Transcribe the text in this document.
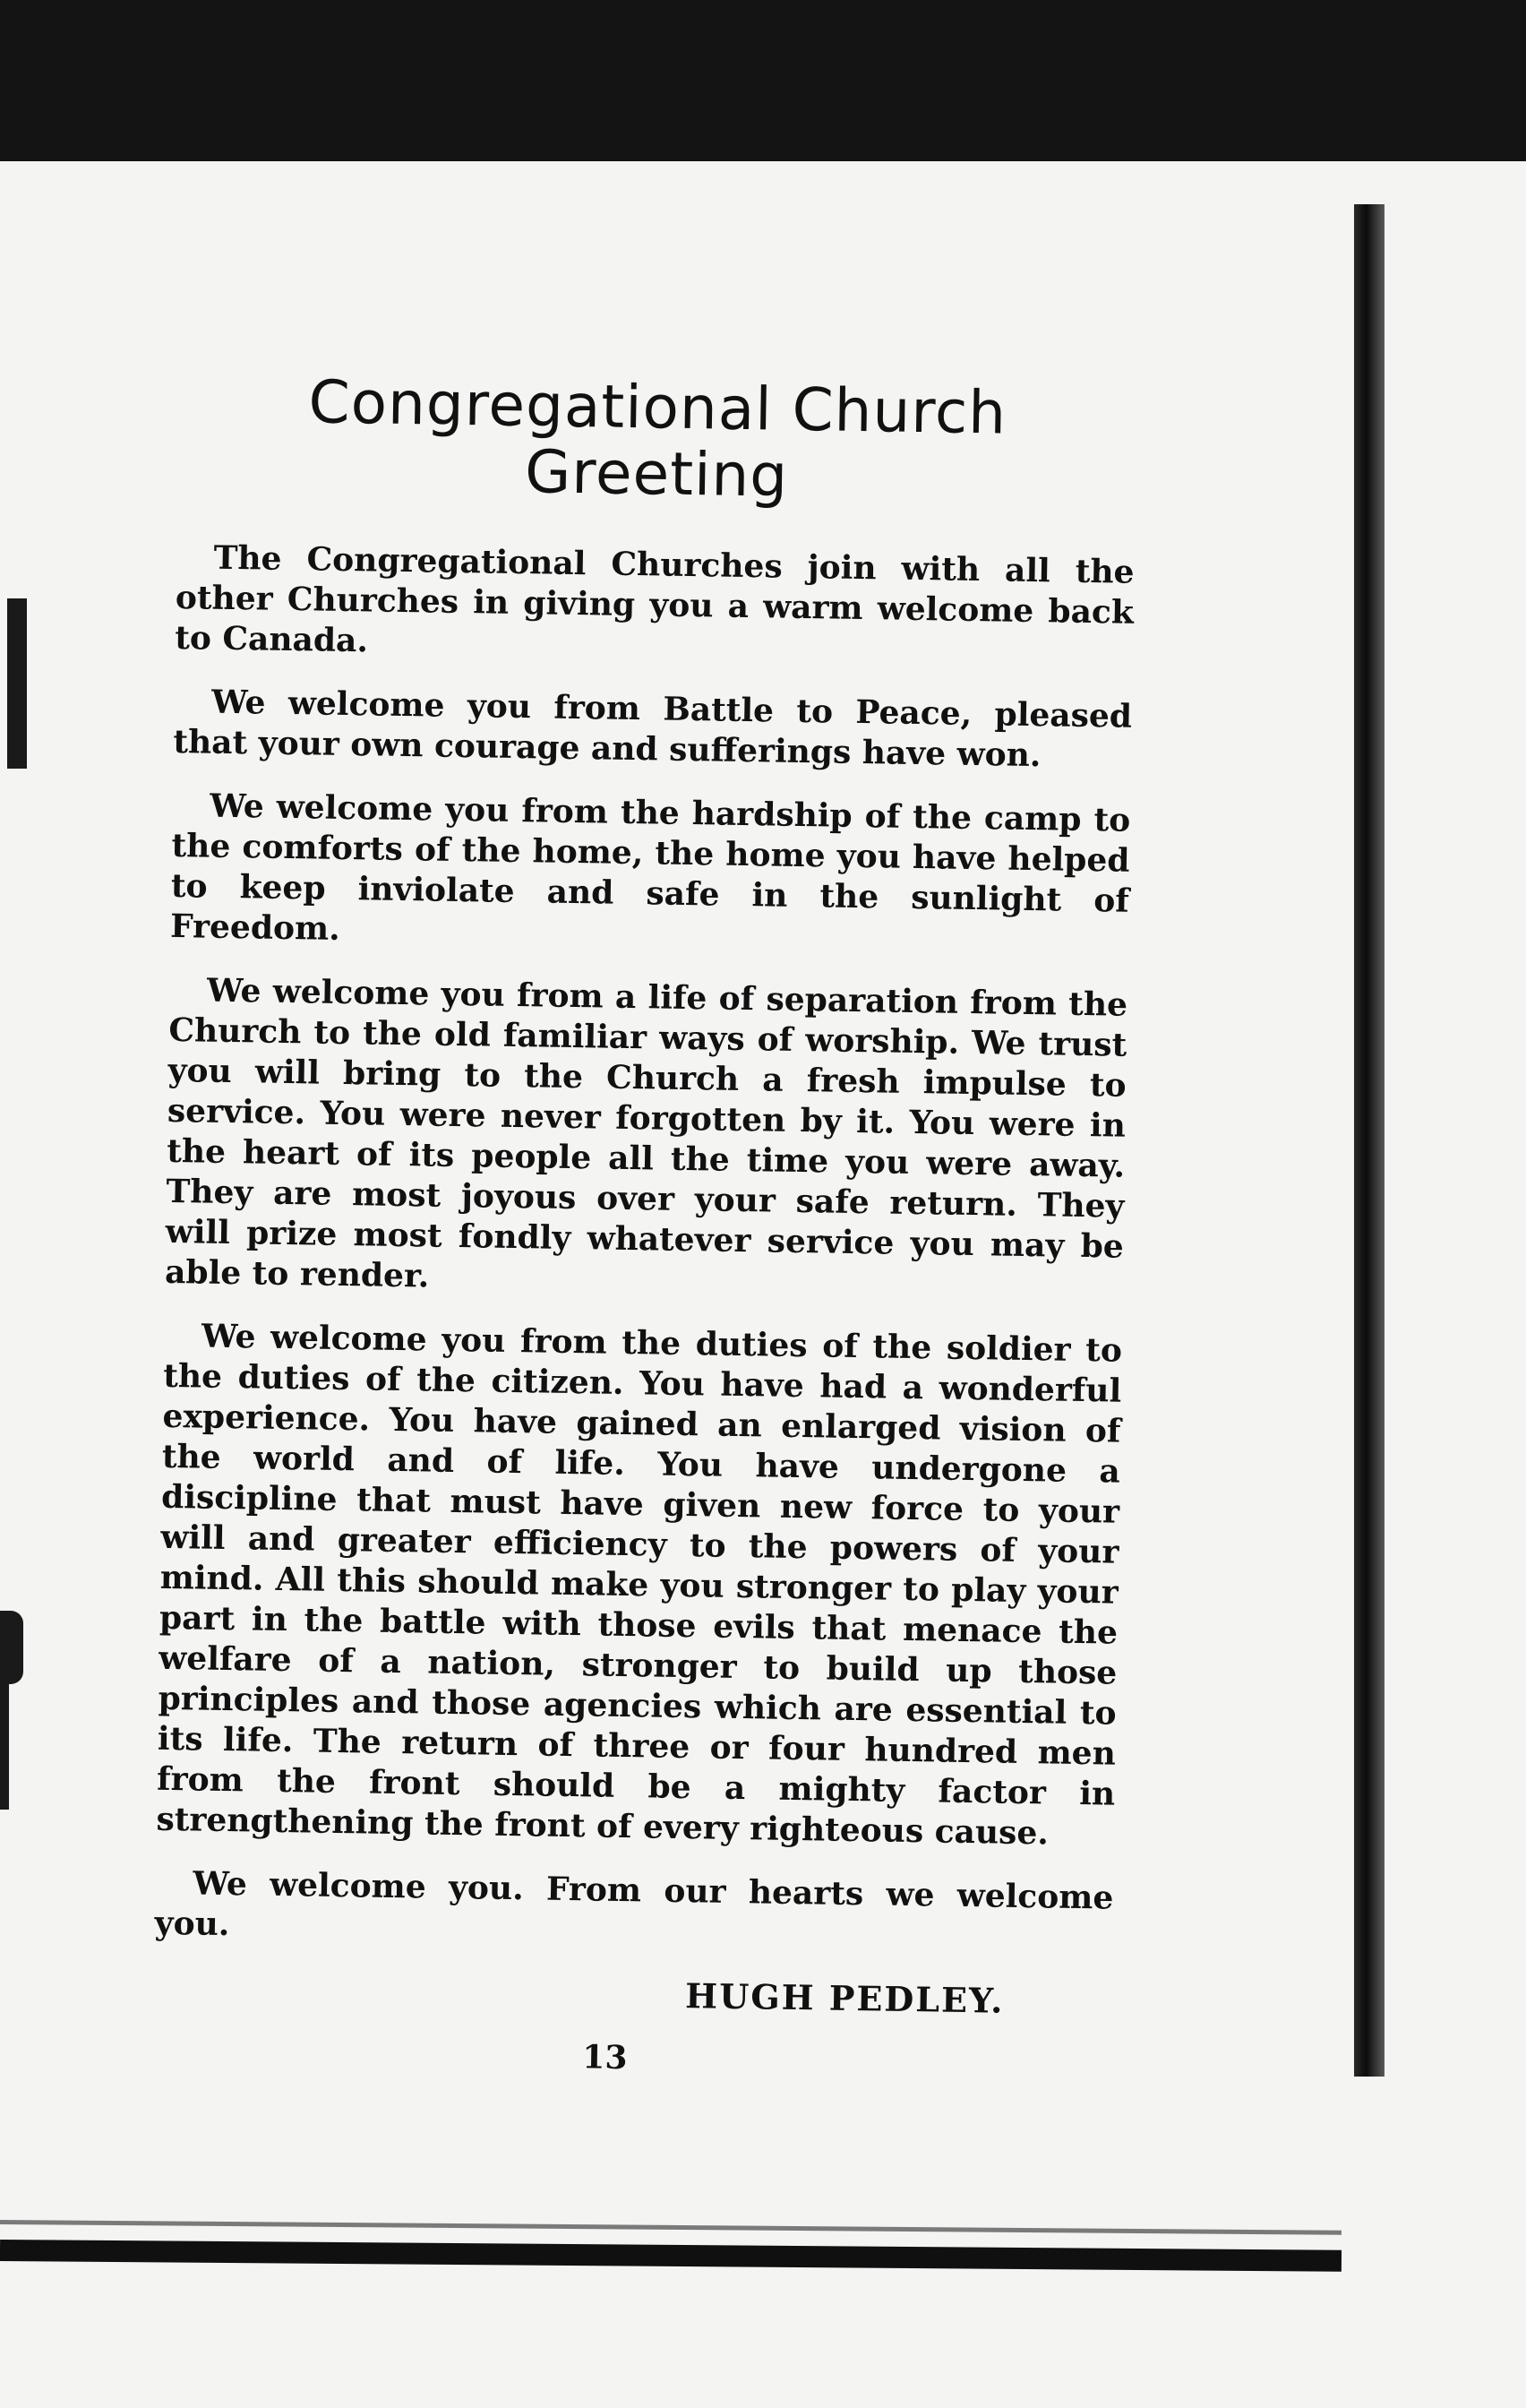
Congregational Church
Greeting

The Congregational Churches join with all the other Churches in giving you a warm welcome back to Canada.

We welcome you from Battle to Peace, pleased that your own courage and sufferings have won.

We welcome you from the hardship of the camp to the comforts of the home, the home you have helped to keep inviolate and safe in the sunlight of Freedom.

We welcome you from a life of separation from the Church to the old familiar ways of worship. We trust you will bring to the Church a fresh impulse to service. You were never forgotten by it. You were in the heart of its people all the time you were away. They are most joyous over your safe return. They will prize most fondly whatever service you may be able to render.

We welcome you from the duties of the soldier to the duties of the citizen. You have had a wonderful experience. You have gained an enlarged vision of the world and of life. You have undergone a discipline that must have given new force to your will and greater efficiency to the powers of your mind. All this should make you stronger to play your part in the battle with those evils that menace the welfare of a nation, stronger to build up those principles and those agencies which are essential to its life. The return of three or four hundred men from the front should be a mighty factor in strengthening the front of every righteous cause.

We welcome you. From our hearts we welcome you.

HUGH PEDLEY.
13
